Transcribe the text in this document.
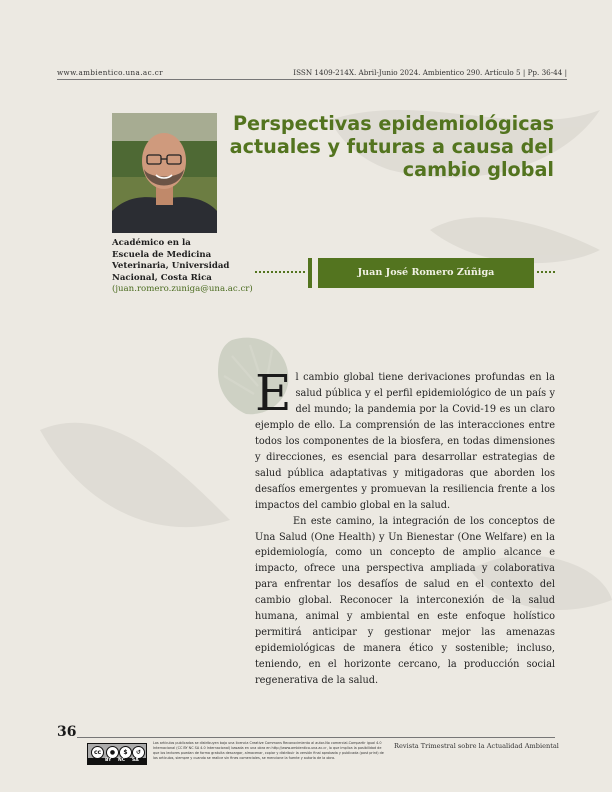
www.ambientico.una.ac.cr	ISSN 1409-214X. Abril-Junio 2024. Ambientico 290. Artículo 5 | Pp. 36-44 |
Académico en la Escuela de Medicina Veterinaria, Universidad Nacional, Costa Rica (juan.romero.zuniga@una.ac.cr)
Perspectivas epidemiológicas actuales y futuras a causa del cambio global
Juan José Romero Zúñiga

El cambio global tiene derivaciones profundas en la salud pública y el perfil epidemiológico de un país y del mundo; la pandemia por la Covid-19 es un claro ejemplo de ello. La comprensión de las interacciones entre todos los componentes de la biosfera, en todas dimensiones y direcciones, es esencial para desarrollar estrategias de salud pública adaptativas y mitigadoras que aborden los desafíos emergentes y promuevan la resiliencia frente a los impactos del cambio global en la salud.

En este camino, la integración de los conceptos de Una Salud (One Health) y Un Bienestar (One Welfare) en la epidemiología, como un concepto de amplio alcance e impacto, ofrece una perspectiva ampliada y colaborativa para enfrentar los desafíos de salud en el contexto del cambio global. Reconocer la interconexión de la salud humana, animal y ambiental en este enfoque holístico permitirá anticipar y gestionar mejor las amenazas epidemiológicas de manera ético y sostenible; incluso, teniendo, en el horizonte cercano, la producción social regenerativa de la salud.

36
cc	●	$	↺
BY NC SA
Los artículos publicados se distribuyen bajo una licencia Creative Commons Reconocimiento al autor-No comercial-Compartir igual 4.0 Internacional (CC BY NC SA 4.0 Internacional) basada en una obra en http://www.ambientico.una.ac.cr, lo que implica la posibilidad de que los lectores puedan de forma gratuita descargar, almacenar, copiar y distribuir la versión final aprobada y publicada (post print) de los artículos, siempre y cuando se realice sin fines comerciales, se mencione la fuente y autoría de la obra.
Revista Trimestral sobre la Actualidad Ambiental
